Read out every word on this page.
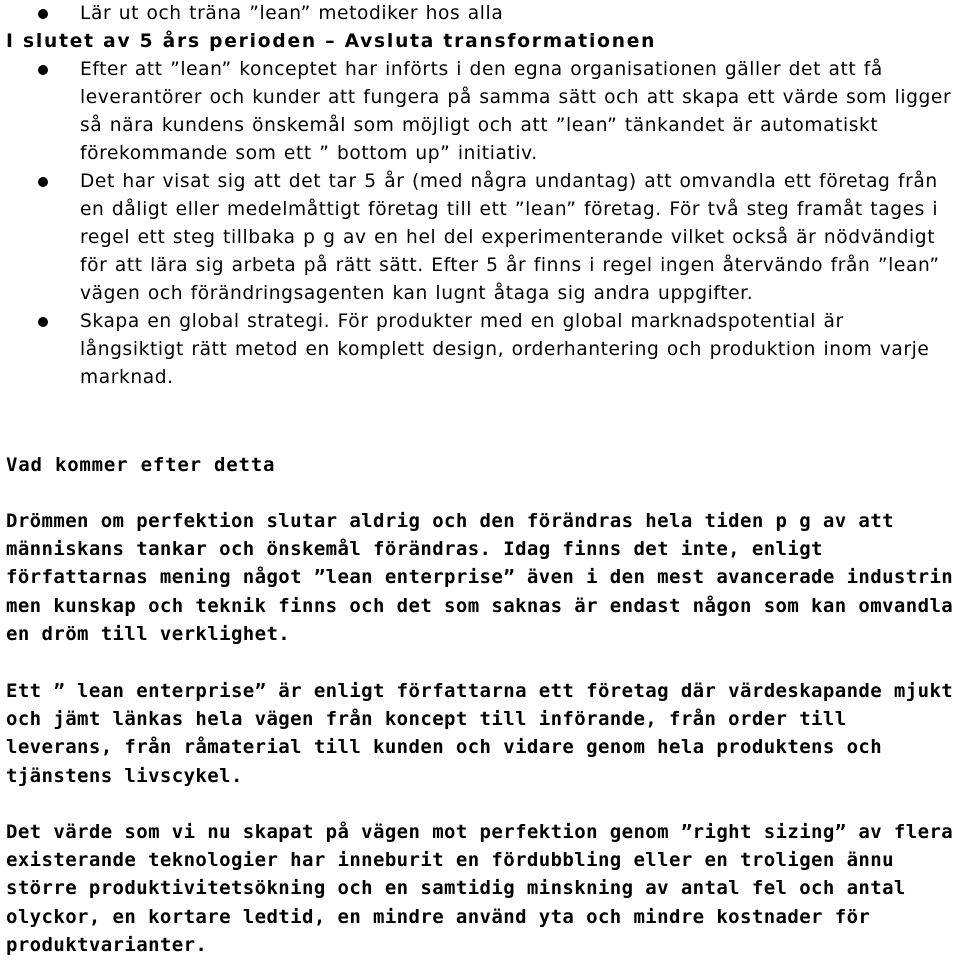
Lär ut och träna ”lean” metodiker hos alla
I slutet av 5 års perioden – Avsluta transformationen
Efter att ”lean” konceptet har införts i den egna organisationen gäller det att få leverantörer och kunder att fungera på samma sätt och att skapa ett värde som ligger så nära kundens önskemål som möjligt och att ”lean” tänkandet är automatiskt förekommande som ett ” bottom up” initiativ.
Det har visat sig att det tar 5 år (med några undantag) att omvandla ett företag från en dåligt eller medelmåttigt företag till ett ”lean” företag. För två steg framåt tages i regel ett steg tillbaka p g av en hel del experimenterande vilket också är nödvändigt för att lära sig arbeta på rätt sätt. Efter 5 år finns i regel ingen återvändo från ”lean” vägen och förändringsagenten kan lugnt åtaga sig andra uppgifter.
Skapa en global strategi. För produkter med en global marknadspotential är långsiktigt rätt metod en komplett design, orderhantering och produktion inom varje marknad.
Vad kommer efter detta

Drömmen om perfektion slutar aldrig och den förändras hela tiden p g av att människans tankar och önskemål förändras. Idag finns det inte, enligt författarnas mening något ”lean enterprise” även i den mest avancerade industrin men kunskap och teknik finns och det som saknas är endast någon som kan omvandla en dröm till verklighet.

Ett ” lean enterprise” är enligt författarna ett företag där värdeskapande mjukt och jämt länkas hela vägen från koncept till införande, från order till leverans, från råmaterial till kunden och vidare genom hela produktens och tjänstens livscykel.

Det värde som vi nu skapat på vägen mot perfektion genom ”right sizing” av flera existerande teknologier har inneburit en fördubbling eller en troligen ännu större produktivitetsökning och en samtidig minskning av antal fel och antal olyckor, en kortare ledtid, en mindre använd yta och mindre kostnader för produktvarianter.
